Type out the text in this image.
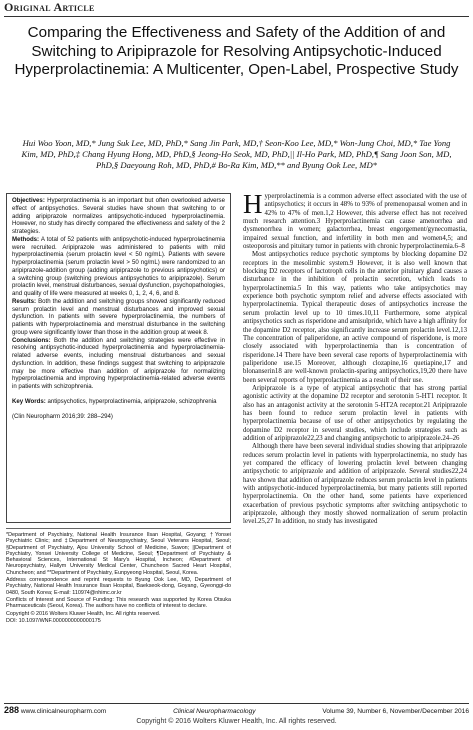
Original Article
Comparing the Effectiveness and Safety of the Addition of and Switching to Aripiprazole for Resolving Antipsychotic-Induced Hyperprolactinemia: A Multicenter, Open-Label, Prospective Study
Hui Woo Yoon, MD,* Jung Suk Lee, MD, PhD,* Sang Jin Park, MD,† Seon-Koo Lee, MD,* Won-Jung Choi, MD,* Tae Yong Kim, MD, PhD,‡ Chang Hyung Hong, MD, PhD,§ Jeong-Ho Seok, MD, PhD,|| Il-Ho Park, MD, PhD,¶ Sang Joon Son, MD, PhD,§ Daeyoung Roh, MD, PhD,# Bo-Ra Kim, MD,** and Byung Ook Lee, MD*

Objectives: Hyperprolactinemia is an important but often overlooked adverse effect of antipsychotics. Several studies have shown that switching to or adding aripiprazole normalizes antipsychotic-induced hyperprolactinemia. However, no study has directly compared the effectiveness and safety of the 2 strategies.

Methods: A total of 52 patients with antipsychotic-induced hyperprolactinemia were recruited. Aripiprazole was administered to patients with mild hyperprolactinemia (serum prolactin level < 50 ng/mL). Patients with severe hyperprolactinemia (serum prolactin level > 50 ng/mL) were randomized to an aripiprazole-addition group (adding aripiprazole to previous antipsychotics) or a switching group (switching previous antipsychotics to aripiprazole). Serum prolactin level, menstrual disturbances, sexual dysfunction, psychopathologies, and quality of life were measured at weeks 0, 1, 2, 4, 6, and 8.

Results: Both the addition and switching groups showed significantly reduced serum prolactin level and menstrual disturbances and improved sexual dysfunction. In patients with severe hyperprolactinemia, the numbers of patients with hyperprolactinemia and menstrual disturbance in the switching group were significantly lower than those in the addition group at week 8.

Conclusions: Both the addition and switching strategies were effective in resolving antipsychotic-induced hyperprolactinemia and hyperprolactinemia-related adverse events, including menstrual disturbances and sexual dysfunction. In addition, these findings suggest that switching to aripiprazole may be more effective than addition of aripiprazole for normalizing hyperprolactinemia and improving hyperprolactinemia-related adverse events in patients with schizophrenia.

Key Words: antipsychotics, hyperprolactinemia, aripiprazole, schizophrenia

(Clin Neuropharm 2016;39: 288–294)

*Department of Psychiatry, National Health Insurance Ilsan Hospital, Goyang; †Yonsei Psychiatric Clinic; and ‡Department of Neuropsychiatry, Seoul Veterans Hospital, Seoul; §Department of Psychiatry, Ajou University School of Medicine, Suwon; ||Department of Psychiatry, Yonsei University College of Medicine, Seoul; ¶Department of Psychiatry & Behavioral Sciences, International St Mary's Hospital, Incheon; #Department of Neuropsychiatry, Hallym University Medical Center, Chuncheon Sacred Heart Hospital, Chuncheon; and **Department of Psychiatry, Eunpyeong Hospital, Seoul, Korea.

Address correspondence and reprint requests to Byung Ook Lee, MD, Department of Psychiatry, National Health Insurance Ilsan Hospital, Baekseok-dong, Goyang, Gyeonggi-do 0480, South Korea; E-mail: 110974@nhimc.or.kr

Conflicts of Interest and Source of Funding: This research was supported by Korea Otsuka Pharmaceuticals (Seoul, Korea). The authors have no conflicts of interest to declare.

Copyright © 2016 Wolters Kluwer Health, Inc. All rights reserved.

DOI: 10.1097/WNF.0000000000000175

Hyperprolactinemia is a common adverse effect associated with the use of antipsychotics; it occurs in 48% to 93% of premenopausal women and in 42% to 47% of men.1,2 However, this adverse effect has not received much research attention.3 Hyperprolactinemia can cause amenorrhea and dysmenorrhea in women; galactorrhea, breast engorgement/gynecomastia, impaired sexual function, and infertility in both men and women4,5; and osteoporosis and pituitary tumor in patients with chronic hyperprolactinemia.6–8

Most antipsychotics reduce psychotic symptoms by blocking dopamine D2 receptors in the mesolimbic system.9 However, it is also well known that blocking D2 receptors of lactotroph cells in the anterior pituitary gland causes a disturbance in the inhibition of prolactin secretion, which leads to hyperprolactinemia.5 In this way, patients who take antipsychotics may experience both psychotic symptom relief and adverse effects associated with hyperprolactinemia. Typical therapeutic doses of antipsychotics increase the serum prolactin level up to 10 times.10,11 Furthermore, some atypical antipsychotics such as risperidone and amisulpride, which have a high affinity for the dopamine D2 receptor, also significantly increase serum prolactin level.12,13 The concentration of paliperidone, an active compound of risperidone, is more closely associated with hyperprolactinemia than is concentration of risperidone.14 There have been several case reports of hyperprolactinemia with paliperidone use.15 Moreover, although clozapine,16 quetiapine,17 and blonanserin18 are well-known prolactin-sparing antipsychotics,19,20 there have been several reports of hyperprolactinemia as a result of their use.

Aripiprazole is a type of atypical antipsychotic that has strong partial agonistic activity at the dopamine D2 receptor and serotonin 5-HT1 receptor. It also has an antagonist activity at the serotonin 5-HT2A receptor.21 Aripiprazole has been found to reduce serum prolactin level in patients with hyperprolactinemia because of use of other antipsychotics by regulating the dopamine D2 receptor in several studies, which include strategies such as addition of aripiprazole22,23 and changing antipsychotic to aripiprazole.24–26

Although there have been several individual studies showing that aripiprazole reduces serum prolactin level in patients with hyperprolactinemia, no study has yet compared the efficacy of lowering prolactin level between changing antipsychotic to aripiprazole and addition of aripiprazole. Several studies22,24 have shown that addition of aripiprazole reduces serum prolactin level in patients with antipsychotic-induced hyperprolactinemia, but many patients still reported hyperprolactinemia. On the other hand, some patients have experienced exacerbation of previous psychotic symptoms after switching antipsychotic to aripiprazole, although they mostly showed normalization of serum prolactin level.25,27 In addition, no study has investigated

288 www.clinicalneuropharm.com	Clinical Neuropharmacology	Volume 39, Number 6, November/December 2016
Copyright © 2016 Wolters Kluwer Health, Inc. All rights reserved.
